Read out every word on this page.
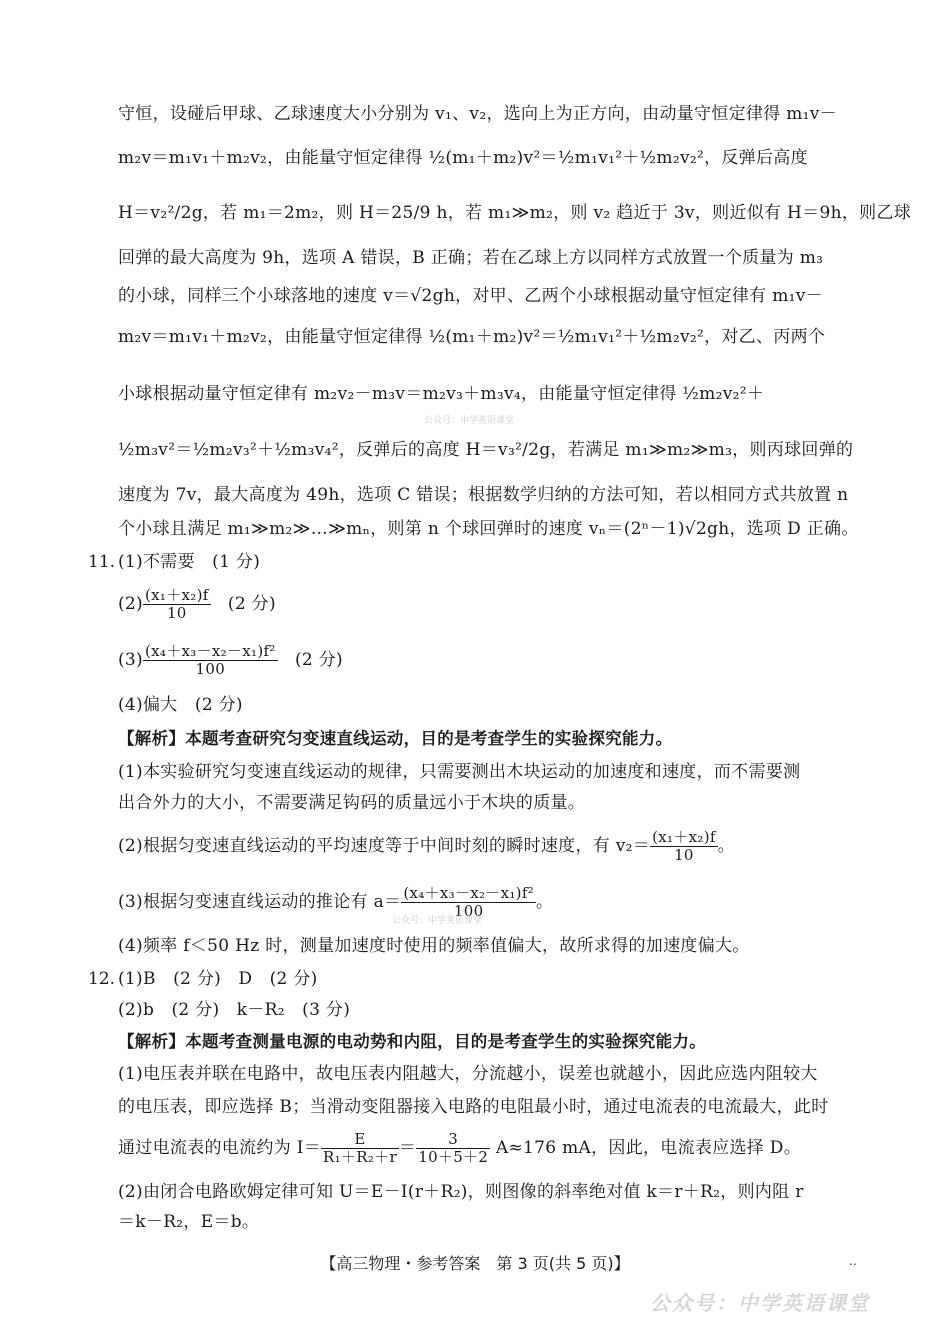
守恒，设碰后甲球、乙球速度大小分别为 v₁、v₂，选向上为正方向，由动量守恒定律得 m₁v－
m₂v＝m₁v₁＋m₂v₂，由能量守恒定律得 ½(m₁＋m₂)v²＝½m₁v₁²＋½m₂v₂²，反弹后高度
H＝v₂²/2g，若 m₁＝2m₂，则 H＝25/9 h，若 m₁≫m₂，则 v₂ 趋近于 3v，则近似有 H＝9h，则乙球
回弹的最大高度为 9h，选项 A 错误，B 正确；若在乙球上方以同样方式放置一个质量为 m₃
的小球，同样三个小球落地的速度 v＝√2gh，对甲、乙两个小球根据动量守恒定律有 m₁v－
m₂v＝m₁v₁＋m₂v₂，由能量守恒定律得 ½(m₁＋m₂)v²＝½m₁v₁²＋½m₂v₂²，对乙、丙两个
小球根据动量守恒定律有 m₂v₂－m₃v＝m₂v₃＋m₃v₄，由能量守恒定律得 ½m₂v₂²＋
公众号：中学英语课堂
½m₃v²＝½m₂v₃²＋½m₃v₄²，反弹后的高度 H＝v₃²/2g，若满足 m₁≫m₂≫m₃，则丙球回弹的
速度为 7v，最大高度为 49h，选项 C 错误；根据数学归纳的方法可知，若以相同方式共放置 n
个小球且满足 m₁≫m₂≫…≫mₙ，则第 n 个球回弹时的速度 vₙ＝(2ⁿ－1)√2gh，选项 D 正确。
11. (1)不需要　(1 分)
$(2) \frac{\text{(x₁＋x₂)f}}{10}$ 　(2 分)
$(3) \frac{\text{(x₄＋x₃－x₂－x₁)f²}}{100}$ 　(2 分)
(4)偏大　(2 分)
【解析】本题考查研究匀变速直线运动，目的是考查学生的实验探究能力。
(1)本实验研究匀变速直线运动的规律，只需要测出木块运动的加速度和速度，而不需要测
出合外力的大小，不需要满足钩码的质量远小于木块的质量。
(2)根据匀变速直线运动的平均速度等于中间时刻的瞬时速度，有 $v_2= \frac{\text{(x₁＋x₂)f}}{10}$ 。
(3)根据匀变速直线运动的推论有 $a= \frac{\text{(x₄＋x₃－x₂－x₁)f²}}{100}$ 。
公众号：中学英语课堂
(4)频率 f＜50 Hz 时，测量加速度时使用的频率值偏大，故所求得的加速度偏大。
12. (1)B　(2 分)　D　(2 分)
(2)b　(2 分)　k－R₂　(3 分)
【解析】本题考查测量电源的电动势和内阻，目的是考查学生的实验探究能力。
(1)电压表并联在电路中，故电压表内阻越大，分流越小，误差也就越小，因此应选内阻较大
的电压表，即应选择 B；当滑动变阻器接入电路的电阻最小时，通过电流表的电流最大，此时
通过电流表的电流约为 $I= \frac{E}{\text{R₁＋R₂＋r}} = \frac{3}{10+5+2} A\approx 176$ mA，因此，电流表应选择 D。
(2)由闭合电路欧姆定律可知 U＝E－I(r＋R₂)，则图像的斜率绝对值 k＝r＋R₂，则内阻 r
＝k－R₂，E＝b。
【高三物理・参考答案　第 3 页(共 5 页)】	..
公众号：中学英语课堂
